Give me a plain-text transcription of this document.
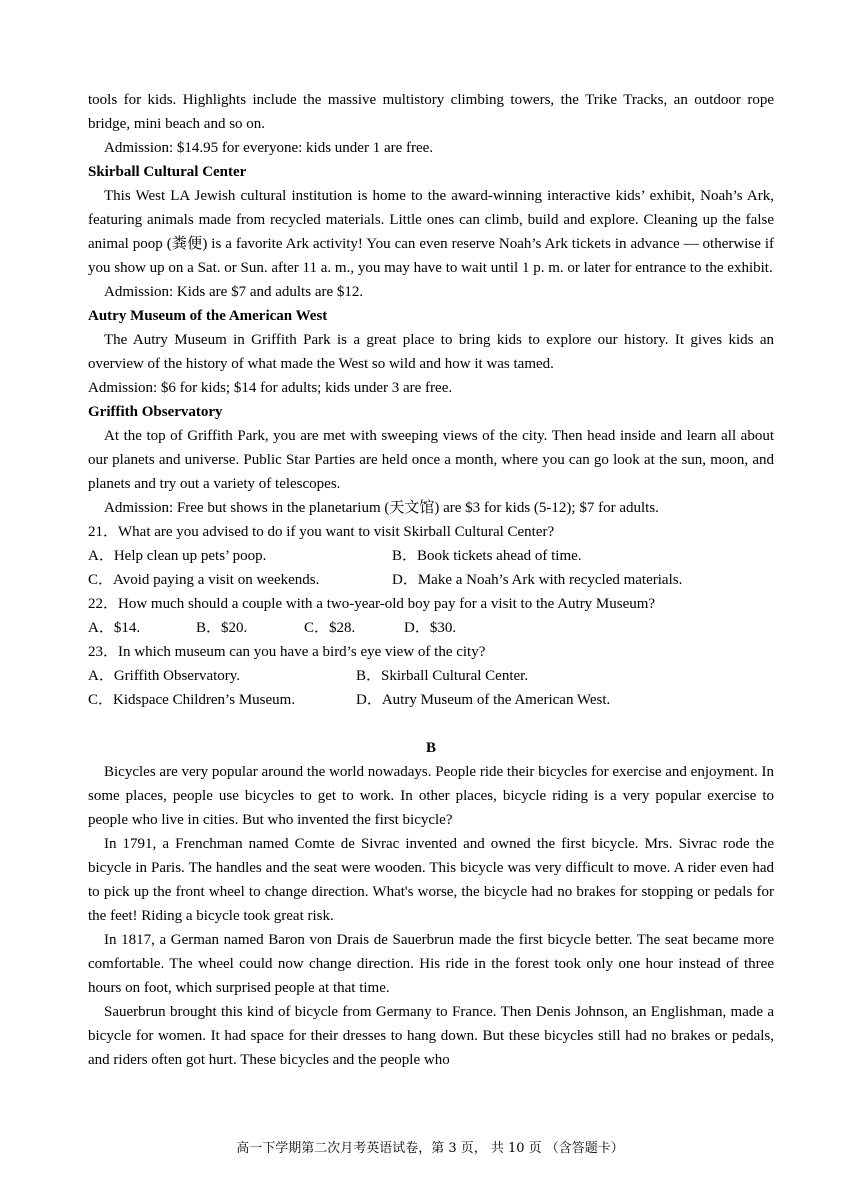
tools for kids. Highlights include the massive multistory climbing towers, the Trike Tracks, an outdoor rope bridge, mini beach and so on.

Admission: $14.95 for everyone: kids under 1 are free.

Skirball Cultural Center

This West LA Jewish cultural institution is home to the award-winning interactive kids’ exhibit, Noah’s Ark, featuring animals made from recycled materials. Little ones can climb, build and explore. Cleaning up the false animal poop (粪便) is a favorite Ark activity! You can even reserve Noah’s Ark tickets in advance — otherwise if you show up on a Sat. or Sun. after 11 a. m., you may have to wait until 1 p. m. or later for entrance to the exhibit.

Admission: Kids are $7 and adults are $12.

Autry Museum of the American West

The Autry Museum in Griffith Park is a great place to bring kids to explore our history. It gives kids an overview of the history of what made the West so wild and how it was tamed.

Admission: $6 for kids; $14 for adults; kids under 3 are free.

Griffith Observatory

At the top of Griffith Park, you are met with sweeping views of the city. Then head inside and learn all about our planets and universe. Public Star Parties are held once a month, where you can go look at the sun, moon, and planets and try out a variety of telescopes.

Admission: Free but shows in the planetarium (天文馆) are $3 for kids (5-12); $7 for adults.

21．What are you advised to do if you want to visit Skirball Cultural Center?

A．Help clean up pets’ poop.	B．Book tickets ahead of time.
C．Avoid paying a visit on weekends.	D．Make a Noah’s Ark with recycled materials.

22．How much should a couple with a two-year-old boy pay for a visit to the Autry Museum?

A．$14.	B．$20.	C．$28.	D．$30.

23．In which museum can you have a bird’s eye view of the city?

A．Griffith Observatory.	B．Skirball Cultural Center.
C．Kidspace Children’s Museum.	D．Autry Museum of the American West.
B

Bicycles are very popular around the world nowadays. People ride their bicycles for exercise and enjoyment. In some places, people use bicycles to get to work. In other places, bicycle riding is a very popular exercise to people who live in cities. But who invented the first bicycle?

In 1791, a Frenchman named Comte de Sivrac invented and owned the first bicycle. Mrs. Sivrac rode the bicycle in Paris. The handles and the seat were wooden. This bicycle was very difficult to move. A rider even had to pick up the front wheel to change direction. What's worse, the bicycle had no brakes for stopping or pedals for the feet! Riding a bicycle took great risk.

In 1817, a German named Baron von Drais de Sauerbrun made the first bicycle better. The seat became more comfortable. The wheel could now change direction. His ride in the forest took only one hour instead of three hours on foot, which surprised people at that time.

Sauerbrun brought this kind of bicycle from Germany to France. Then Denis Johnson, an Englishman, made a bicycle for women. It had space for their dresses to hang down. But these bicycles still had no brakes or pedals, and riders often got hurt. These bicycles and the people who

高一下学期第二次月考英语试卷，第 3 页， 共 10 页 （含答题卡）
